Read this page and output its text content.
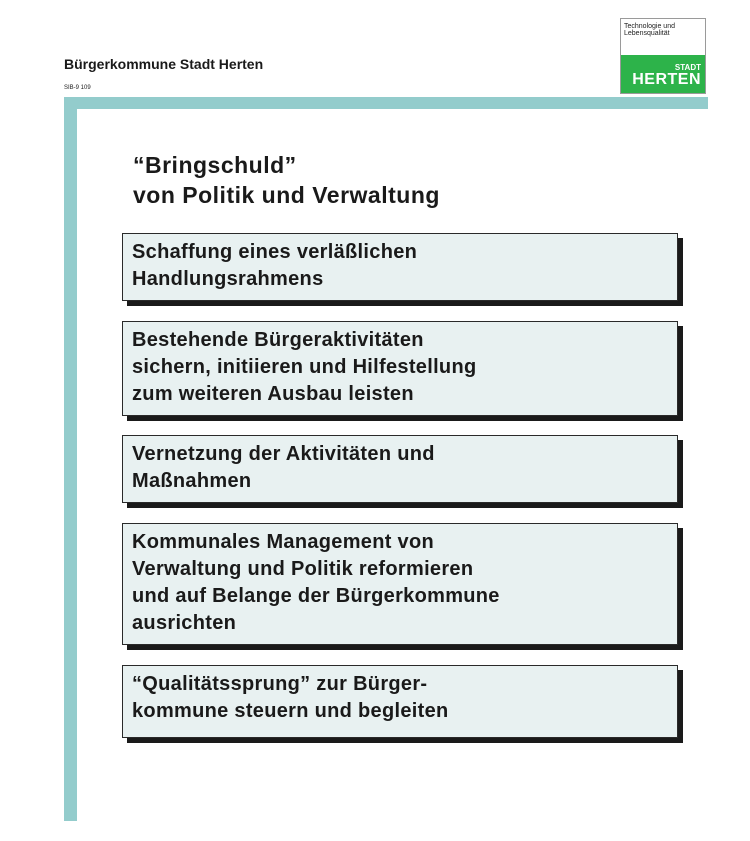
Bürgerkommune Stadt Herten
SIB-9 109
Technologie und
Lebensqualität
STADT
HERTEN
“Bringschuld”
von Politik und Verwaltung
Schaffung eines verläßlichen
Handlungsrahmens
Bestehende Bürgeraktivitäten
sichern, initiieren und Hilfestellung
zum weiteren Ausbau leisten
Vernetzung der Aktivitäten und
Maßnahmen
Kommunales Management von
Verwaltung und Politik reformieren
und auf Belange der Bürgerkommune
ausrichten
“Qualitätssprung” zur Bürger-
kommune steuern und begleiten
